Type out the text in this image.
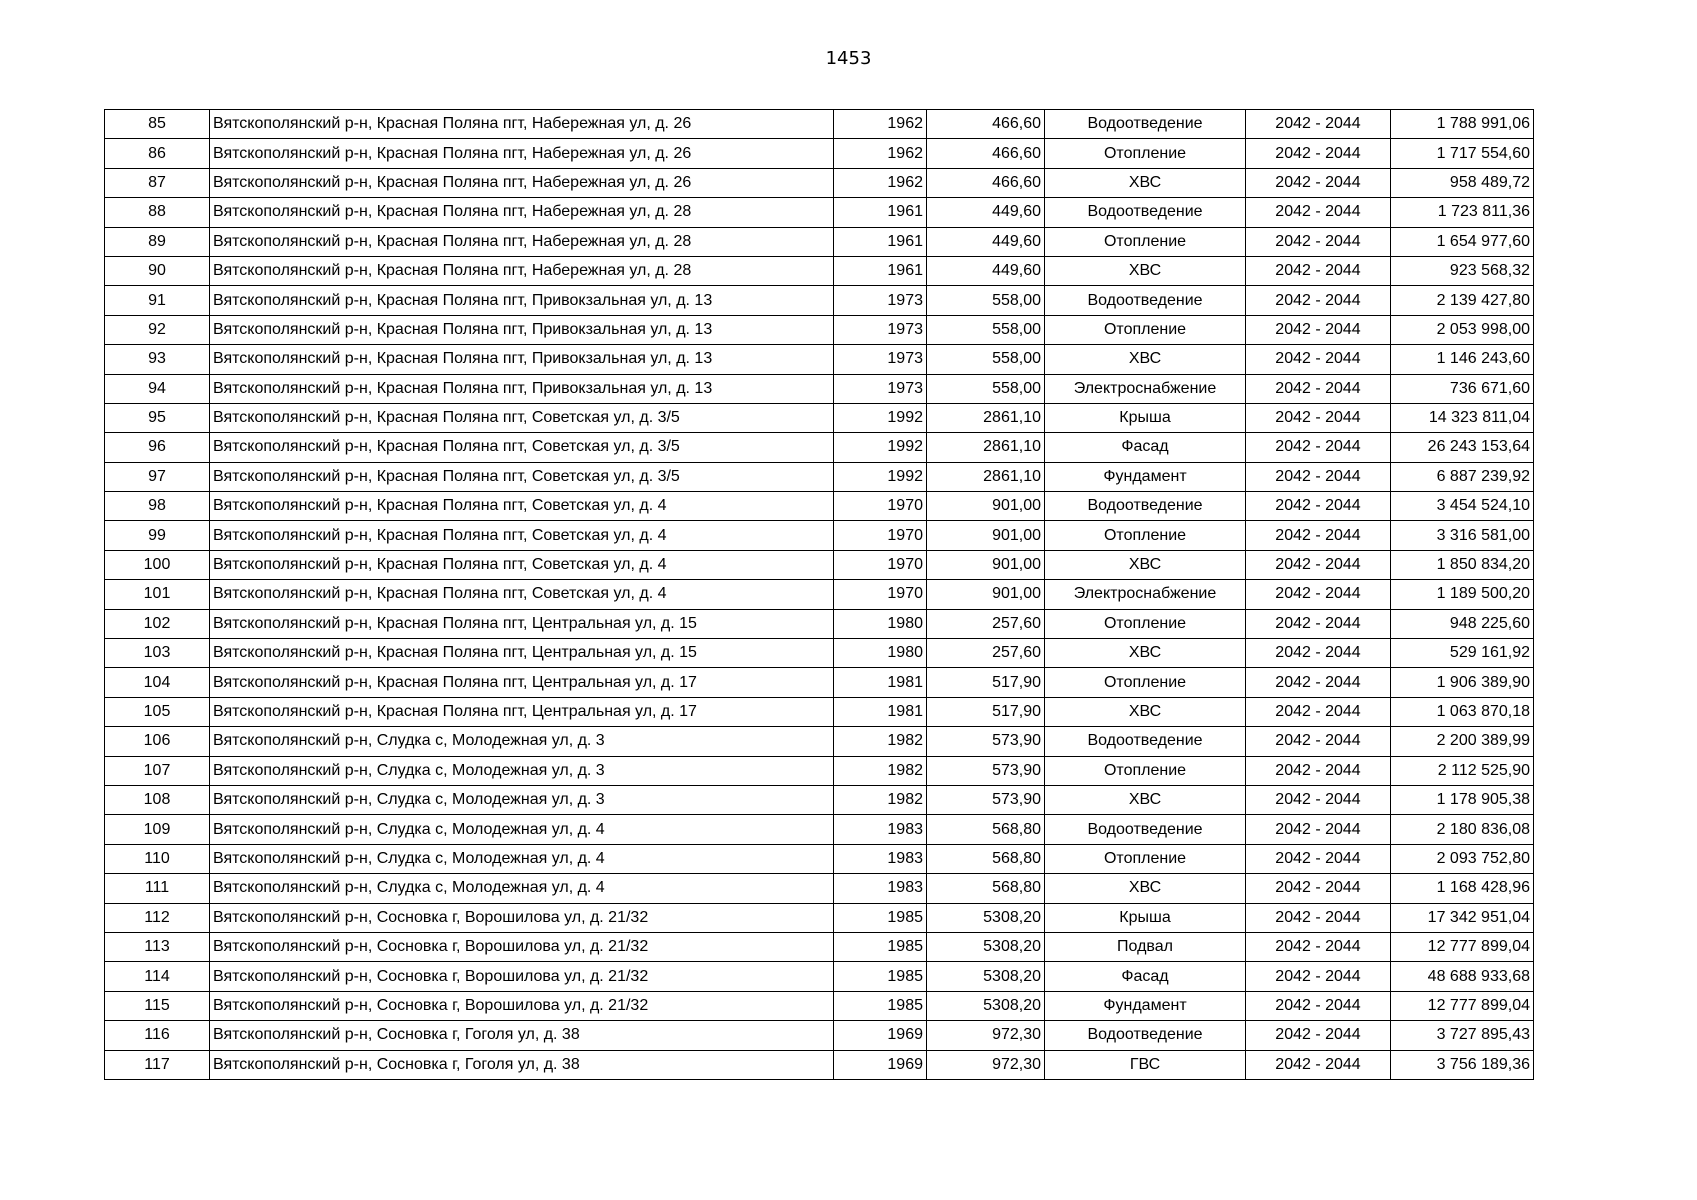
1453
85	Вятскополянский р-н, Красная Поляна пгт, Набережная ул, д. 26	1962	466,60	Водоотведение	2042 - 2044	1 788 991,06
86	Вятскополянский р-н, Красная Поляна пгт, Набережная ул, д. 26	1962	466,60	Отопление	2042 - 2044	1 717 554,60
87	Вятскополянский р-н, Красная Поляна пгт, Набережная ул, д. 26	1962	466,60	ХВС	2042 - 2044	958 489,72
88	Вятскополянский р-н, Красная Поляна пгт, Набережная ул, д. 28	1961	449,60	Водоотведение	2042 - 2044	1 723 811,36
89	Вятскополянский р-н, Красная Поляна пгт, Набережная ул, д. 28	1961	449,60	Отопление	2042 - 2044	1 654 977,60
90	Вятскополянский р-н, Красная Поляна пгт, Набережная ул, д. 28	1961	449,60	ХВС	2042 - 2044	923 568,32
91	Вятскополянский р-н, Красная Поляна пгт, Привокзальная ул, д. 13	1973	558,00	Водоотведение	2042 - 2044	2 139 427,80
92	Вятскополянский р-н, Красная Поляна пгт, Привокзальная ул, д. 13	1973	558,00	Отопление	2042 - 2044	2 053 998,00
93	Вятскополянский р-н, Красная Поляна пгт, Привокзальная ул, д. 13	1973	558,00	ХВС	2042 - 2044	1 146 243,60
94	Вятскополянский р-н, Красная Поляна пгт, Привокзальная ул, д. 13	1973	558,00	Электроснабжение	2042 - 2044	736 671,60
95	Вятскополянский р-н, Красная Поляна пгт, Советская ул, д. 3/5	1992	2861,10	Крыша	2042 - 2044	14 323 811,04
96	Вятскополянский р-н, Красная Поляна пгт, Советская ул, д. 3/5	1992	2861,10	Фасад	2042 - 2044	26 243 153,64
97	Вятскополянский р-н, Красная Поляна пгт, Советская ул, д. 3/5	1992	2861,10	Фундамент	2042 - 2044	6 887 239,92
98	Вятскополянский р-н, Красная Поляна пгт, Советская ул, д. 4	1970	901,00	Водоотведение	2042 - 2044	3 454 524,10
99	Вятскополянский р-н, Красная Поляна пгт, Советская ул, д. 4	1970	901,00	Отопление	2042 - 2044	3 316 581,00
100	Вятскополянский р-н, Красная Поляна пгт, Советская ул, д. 4	1970	901,00	ХВС	2042 - 2044	1 850 834,20
101	Вятскополянский р-н, Красная Поляна пгт, Советская ул, д. 4	1970	901,00	Электроснабжение	2042 - 2044	1 189 500,20
102	Вятскополянский р-н, Красная Поляна пгт, Центральная ул, д. 15	1980	257,60	Отопление	2042 - 2044	948 225,60
103	Вятскополянский р-н, Красная Поляна пгт, Центральная ул, д. 15	1980	257,60	ХВС	2042 - 2044	529 161,92
104	Вятскополянский р-н, Красная Поляна пгт, Центральная ул, д. 17	1981	517,90	Отопление	2042 - 2044	1 906 389,90
105	Вятскополянский р-н, Красная Поляна пгт, Центральная ул, д. 17	1981	517,90	ХВС	2042 - 2044	1 063 870,18
106	Вятскополянский р-н, Слудка с, Молодежная ул, д. 3	1982	573,90	Водоотведение	2042 - 2044	2 200 389,99
107	Вятскополянский р-н, Слудка с, Молодежная ул, д. 3	1982	573,90	Отопление	2042 - 2044	2 112 525,90
108	Вятскополянский р-н, Слудка с, Молодежная ул, д. 3	1982	573,90	ХВС	2042 - 2044	1 178 905,38
109	Вятскополянский р-н, Слудка с, Молодежная ул, д. 4	1983	568,80	Водоотведение	2042 - 2044	2 180 836,08
110	Вятскополянский р-н, Слудка с, Молодежная ул, д. 4	1983	568,80	Отопление	2042 - 2044	2 093 752,80
111	Вятскополянский р-н, Слудка с, Молодежная ул, д. 4	1983	568,80	ХВС	2042 - 2044	1 168 428,96
112	Вятскополянский р-н, Сосновка г, Ворошилова ул, д. 21/32	1985	5308,20	Крыша	2042 - 2044	17 342 951,04
113	Вятскополянский р-н, Сосновка г, Ворошилова ул, д. 21/32	1985	5308,20	Подвал	2042 - 2044	12 777 899,04
114	Вятскополянский р-н, Сосновка г, Ворошилова ул, д. 21/32	1985	5308,20	Фасад	2042 - 2044	48 688 933,68
115	Вятскополянский р-н, Сосновка г, Ворошилова ул, д. 21/32	1985	5308,20	Фундамент	2042 - 2044	12 777 899,04
116	Вятскополянский р-н, Сосновка г, Гоголя ул, д. 38	1969	972,30	Водоотведение	2042 - 2044	3 727 895,43
117	Вятскополянский р-н, Сосновка г, Гоголя ул, д. 38	1969	972,30	ГВС	2042 - 2044	3 756 189,36
